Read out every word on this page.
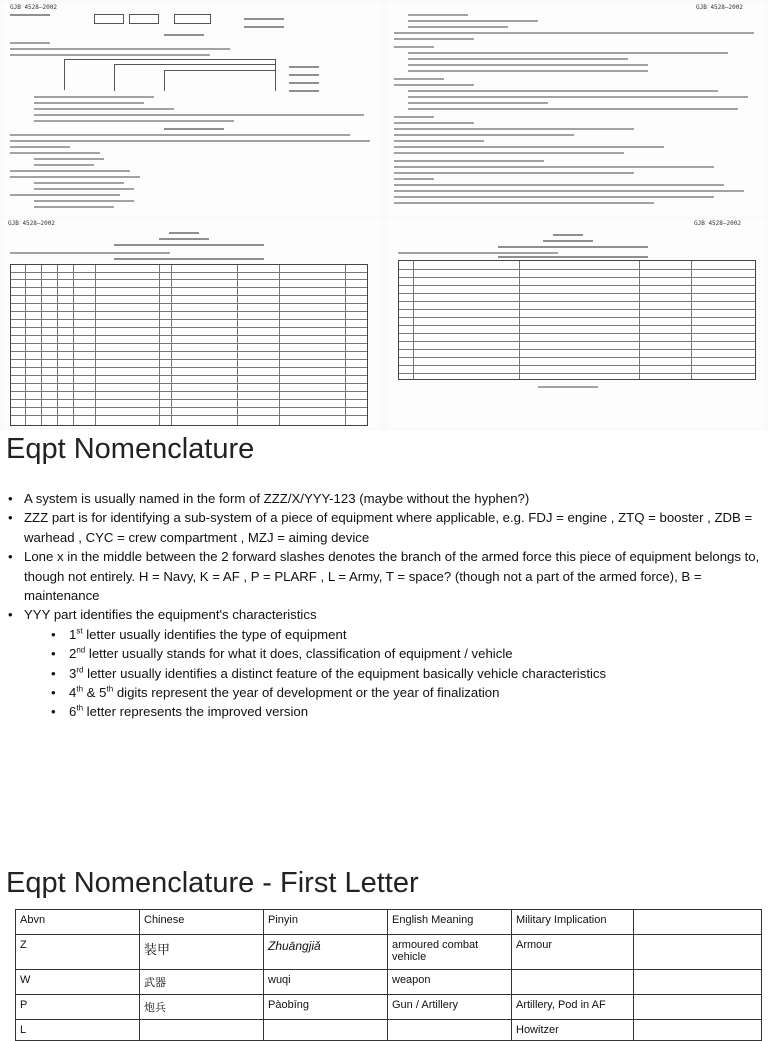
GJB 4528—2002	GJB 4528—2002
GJB 4528—2002	GJB 4528—2002
Eqpt Nomenclature
• A system is usually named in the form of ZZZ/X/YYY-123 (maybe without the hyphen?)
• ZZZ part is for identifying a sub-system of a piece of equipment where applicable, e.g. FDJ = engine , ZTQ = booster , ZDB = warhead , CYC = crew compartment , MZJ = aiming device
• Lone x in the middle between the 2 forward slashes denotes the branch of the armed force this piece of equipment belongs to, though not entirely. H = Navy, K = AF , P = PLARF , L = Army, T = space? (though not a part of the armed force), B = maintenance
• YYY part identifies the equipment's characteristics
• 1st letter usually identifies the type of equipment
• 2nd letter usually stands for what it does, classification of equipment / vehicle
• 3rd letter usually identifies a distinct feature of the equipment basically vehicle characteristics
• 4th & 5th digits represent the year of development or the year of finalization
• 6th letter represents the improved version
Eqpt Nomenclature - First Letter
Abvn	Chinese	Pinyin	English Meaning	Military Implication	
Z	装甲	Zhuāngjiǎ	armoured combat vehicle	Armour	
W	武器	wuqi	weapon		
P	炮兵	Pàobīng	Gun / Artillery	Artillery, Pod in AF	
L				Howitzer	
